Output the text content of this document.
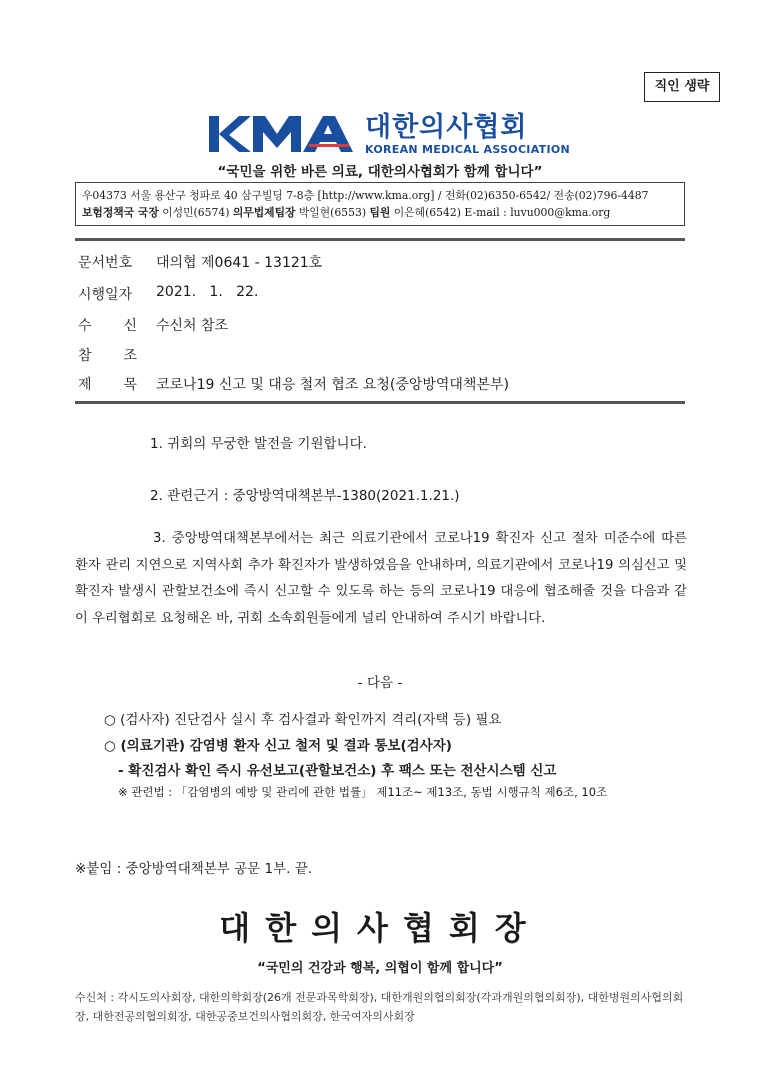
직인 생략
대한의사협회
KOREAN MEDICAL ASSOCIATION
“국민을 위한 바른 의료, 대한의사협회가 함께 합니다”
우04373 서울 용산구 청파로 40 삼구빌딩 7-8층 [http://www.kma.org] / 전화(02)6350-6542/ 전송(02)796-4487
보험정책국 국장 이성민(6574) 의무법제팀장 박일현(6553) 팀원 이은혜(6542) E-mail : luvu000@kma.org
문서번호	대의협 제0641 - 13121호
시행일자	2021.   1.   22.
수 신	수신처 참조
참 조
제 목	코로나19 신고 및 대응 철저 협조 요청(중앙방역대책본부)
1. 귀회의 무궁한 발전을 기원합니다.
2. 관련근거 : 중앙방역대책본부-1380(2021.1.21.)
3. 중앙방역대책본부에서는 최근 의료기관에서 코로나19 확진자 신고 절차 미준수에 따른 환자 관리 지연으로 지역사회 추가 확진자가 발생하였음을 안내하며, 의료기관에서 코로나19 의심신고 및 확진자 발생시 관할보건소에 즉시 신고할 수 있도록 하는 등의 코로나19 대응에 협조해줄 것을 다음과 같이 우리협회로 요청해온 바, 귀회 소속회원들에게 널리 안내하여 주시기 바랍니다.
- 다음 -
○ (검사자) 진단검사 실시 후 검사결과 확인까지 격리(자택 등) 필요
○ (의료기관) 감염병 환자 신고 철저 및 결과 통보(검사자)
- 확진검사 확인 즉시 유선보고(관할보건소) 후 팩스 또는 전산시스템 신고
※ 관련법 : 「감염병의 예방 및 관리에 관한 법률」 제11조~ 제13조, 동법 시행규칙 제6조, 10조
※붙임 : 중앙방역대책본부 공문 1부. 끝.
대한의사협회장
“국민의 건강과 행복, 의협이 함께 합니다”
수신처 : 각시도의사회장, 대한의학회장(26개 전문과목학회장), 대한개원의협의회장(각과개원의협의회장), 대한병원의사협의회장, 대한전공의협의회장, 대한공중보건의사협의회장, 한국여자의사회장
